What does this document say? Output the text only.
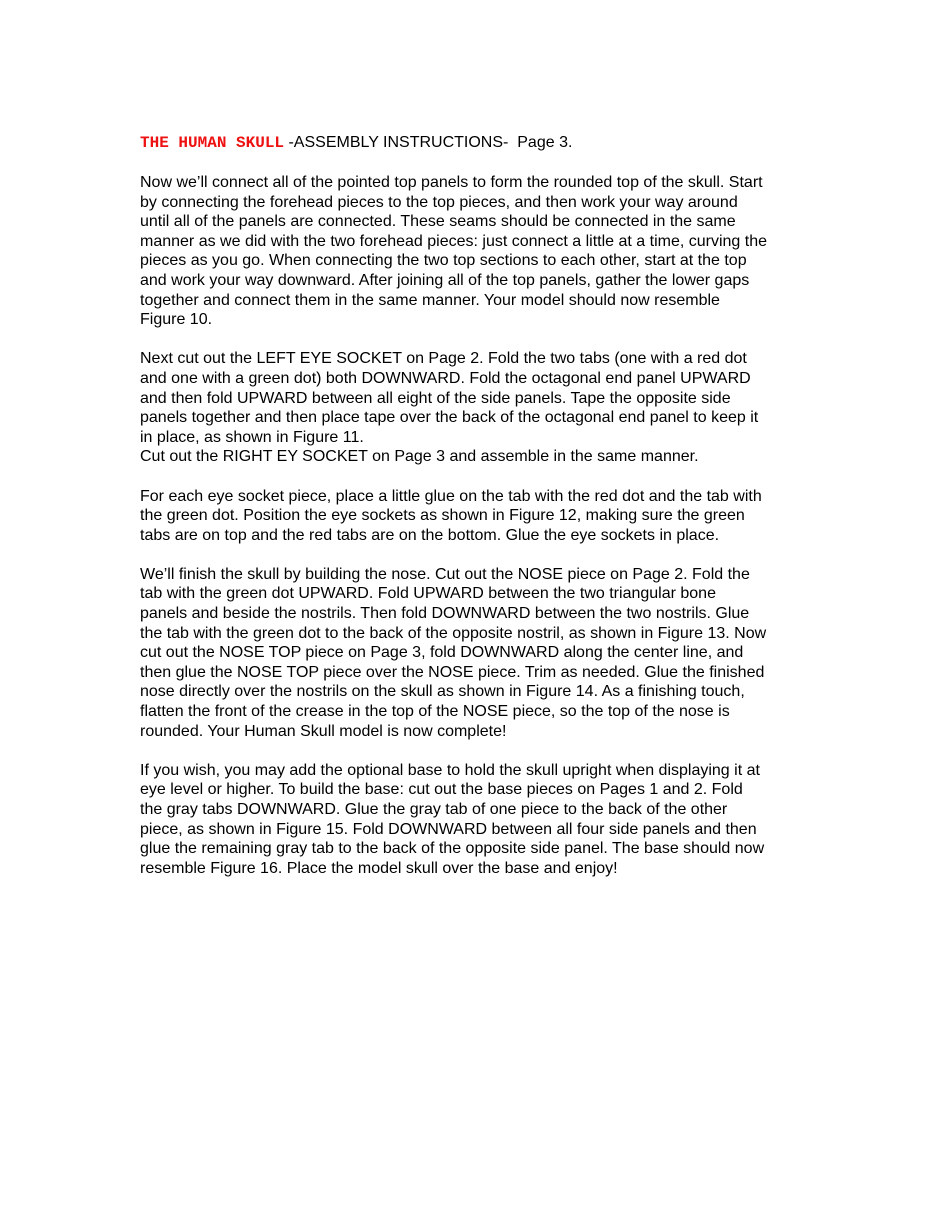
THE HUMAN SKULL -ASSEMBLY INSTRUCTIONS-  Page 3.

Now we’ll connect all of the pointed top panels to form the rounded top of the skull. Start
by connecting the forehead pieces to the top pieces, and then work your way around
until all of the panels are connected. These seams should be connected in the same
manner as we did with the two forehead pieces: just connect a little at a time, curving the
pieces as you go. When connecting the two top sections to each other, start at the top
and work your way downward. After joining all of the top panels, gather the lower gaps
together and connect them in the same manner. Your model should now resemble
Figure 10.

Next cut out the LEFT EYE SOCKET on Page 2. Fold the two tabs (one with a red dot
and one with a green dot) both DOWNWARD. Fold the octagonal end panel UPWARD
and then fold UPWARD between all eight of the side panels. Tape the opposite side
panels together and then place tape over the back of the octagonal end panel to keep it
in place, as shown in Figure 11.
Cut out the RIGHT EY SOCKET on Page 3 and assemble in the same manner.

For each eye socket piece, place a little glue on the tab with the red dot and the tab with
the green dot. Position the eye sockets as shown in Figure 12, making sure the green
tabs are on top and the red tabs are on the bottom. Glue the eye sockets in place.

We’ll finish the skull by building the nose. Cut out the NOSE piece on Page 2. Fold the
tab with the green dot UPWARD. Fold UPWARD between the two triangular bone
panels and beside the nostrils. Then fold DOWNWARD between the two nostrils. Glue
the tab with the green dot to the back of the opposite nostril, as shown in Figure 13. Now
cut out the NOSE TOP piece on Page 3, fold DOWNWARD along the center line, and
then glue the NOSE TOP piece over the NOSE piece. Trim as needed. Glue the finished
nose directly over the nostrils on the skull as shown in Figure 14. As a finishing touch,
flatten the front of the crease in the top of the NOSE piece, so the top of the nose is
rounded. Your Human Skull model is now complete!

If you wish, you may add the optional base to hold the skull upright when displaying it at
eye level or higher. To build the base: cut out the base pieces on Pages 1 and 2. Fold
the gray tabs DOWNWARD. Glue the gray tab of one piece to the back of the other
piece, as shown in Figure 15. Fold DOWNWARD between all four side panels and then
glue the remaining gray tab to the back of the opposite side panel. The base should now
resemble Figure 16. Place the model skull over the base and enjoy!
